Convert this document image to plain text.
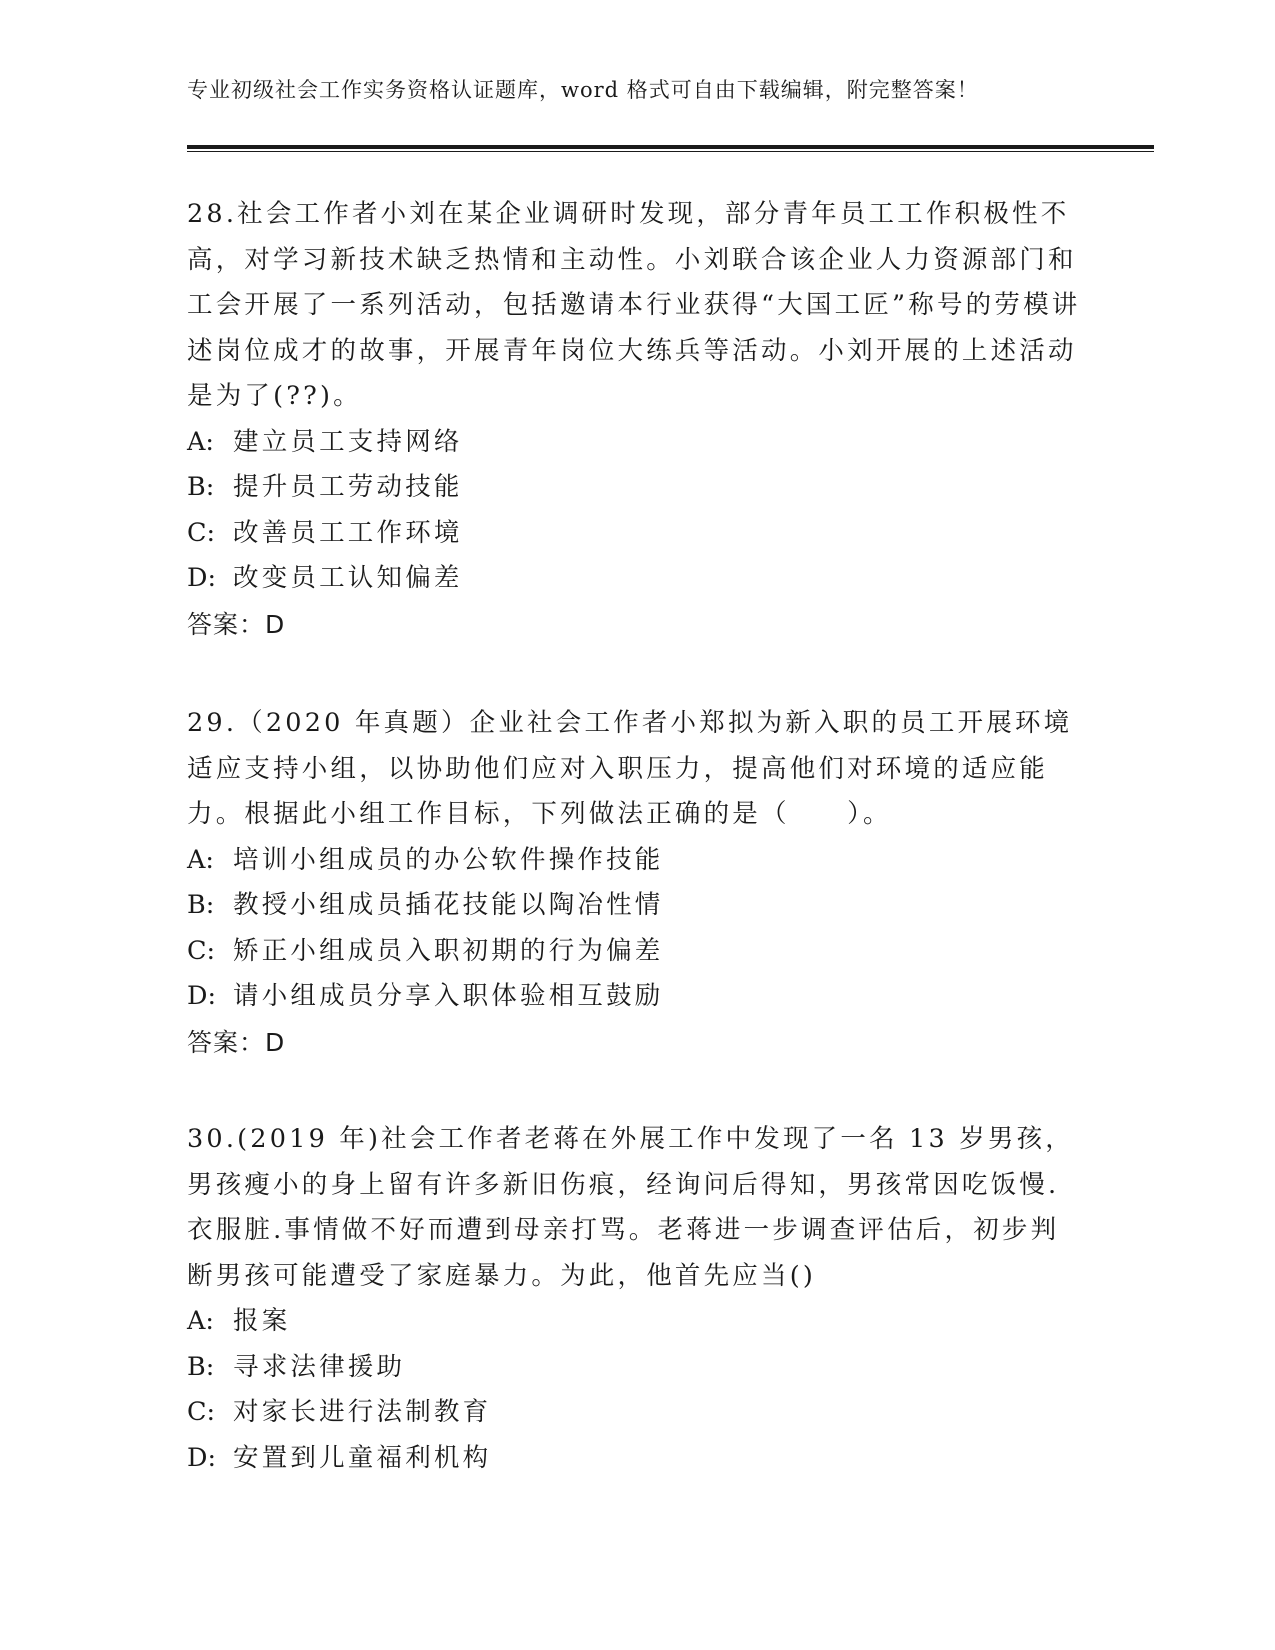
专业初级社会工作实务资格认证题库，word 格式可自由下载编辑，附完整答案！

28.社会工作者小刘在某企业调研时发现，部分青年员工工作积极性不高，对学习新技术缺乏热情和主动性。小刘联合该企业人力资源部门和工会开展了一系列活动，包括邀请本行业获得“大国工匠”称号的劳模讲述岗位成才的故事，开展青年岗位大练兵等活动。小刘开展的上述活动是为了(??)。

A: 建立员工支持网络
B: 提升员工劳动技能
C: 改善员工工作环境
D: 改变员工认知偏差
答案：D

29.（2020 年真题）企业社会工作者小郑拟为新入职的员工开展环境适应支持小组，以协助他们应对入职压力，提高他们对环境的适应能力。根据此小组工作目标，下列做法正确的是（　　）。

A: 培训小组成员的办公软件操作技能
B: 教授小组成员插花技能以陶冶性情
C: 矫正小组成员入职初期的行为偏差
D: 请小组成员分享入职体验相互鼓励
答案：D

30.(2019 年)社会工作者老蒋在外展工作中发现了一名 13 岁男孩，男孩瘦小的身上留有许多新旧伤痕，经询问后得知，男孩常因吃饭慢.衣服脏.事情做不好而遭到母亲打骂。老蒋进一步调查评估后，初步判断男孩可能遭受了家庭暴力。为此，他首先应当()

A: 报案
B: 寻求法律援助
C: 对家长进行法制教育
D: 安置到儿童福利机构
